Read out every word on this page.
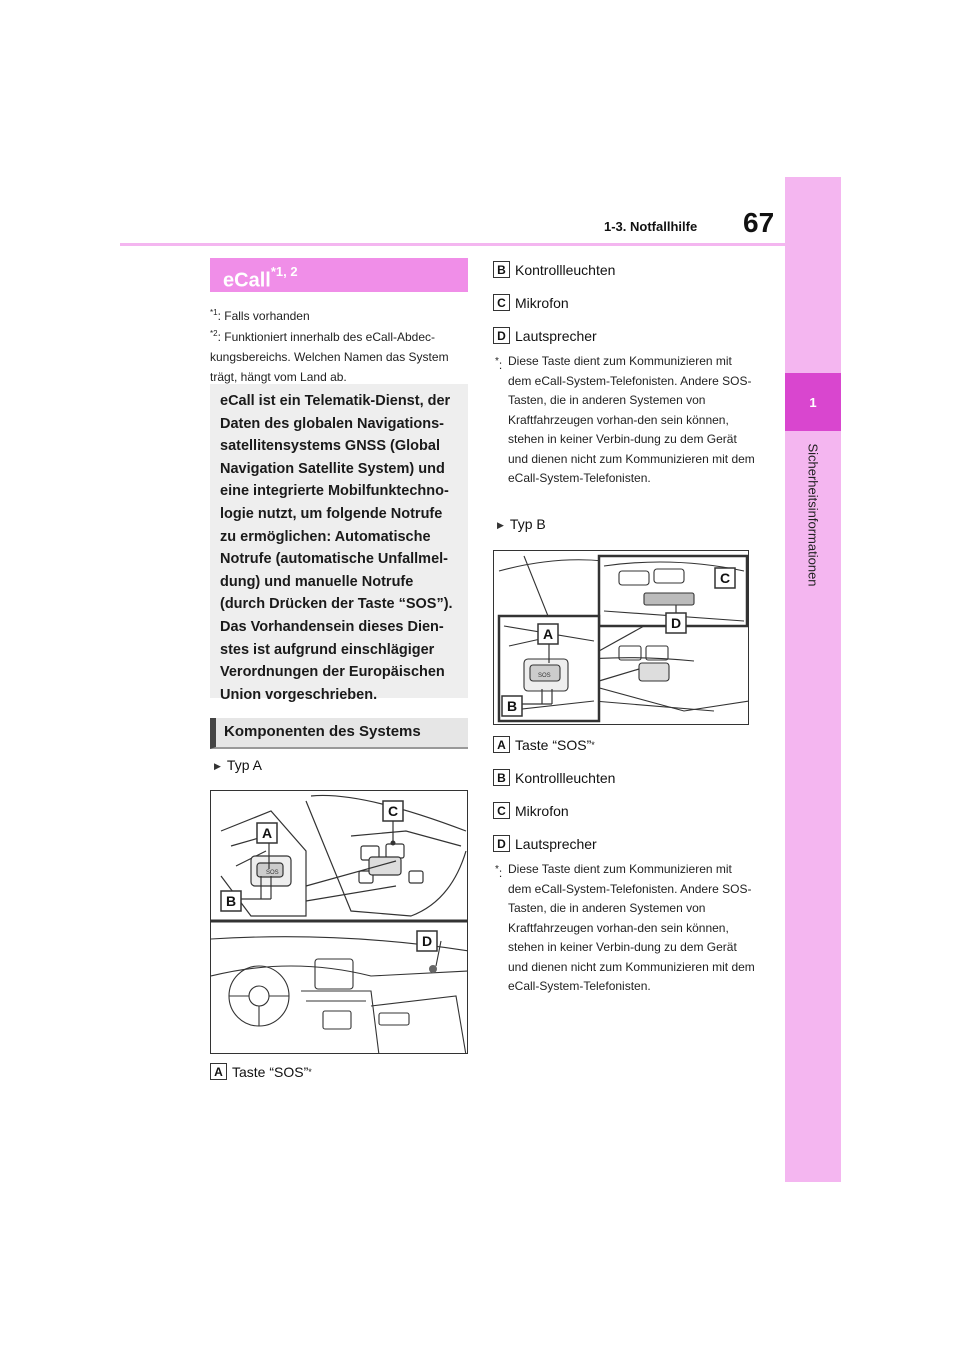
1
Sicherheitsinformationen
67
1-3. Notfallhilfe
eCall$^{*1, 2}$
$^{*1}$: Falls vorhanden
$^{*2}$: Funktioniert innerhalb des eCall-Abdec-kungsbereichs. Welchen Namen das System trägt, hängt vom Land ab.
eCall ist ein Telematik-Dienst, der Daten des globalen Navigations-satellitensystems GNSS (Global Navigation Satellite System) und eine integrierte Mobilfunktechno-logie nutzt, um folgende Notrufe zu ermöglichen: Automatische Notrufe (automatische Unfallmel-dung) und manuelle Notrufe (durch Drücken der Taste “SOS”). Das Vorhandensein dieses Dien-stes ist aufgrund einschlägiger Verordnungen der Europäischen Union vorgeschrieben.
Komponenten des Systems
▶ Typ A
SOS
A
C
B
D
A Taste “SOS” *
B Kontrollleuchten
C Mikrofon
D Lautsprecher
*: Diese Taste dient zum Kommunizieren mit dem eCall-System-Telefonisten. Andere SOS-Tasten, die in anderen Systemen von Kraftfahrzeugen vorhan-den sein können, stehen in keiner Verbin-dung zu dem Gerät und dienen nicht zum Kommunizieren mit dem eCall-System-Telefonisten.
▶ Typ B
SOS
A
B
C
D
A Taste “SOS” *
B Kontrollleuchten
C Mikrofon
D Lautsprecher
*: Diese Taste dient zum Kommunizieren mit dem eCall-System-Telefonisten. Andere SOS-Tasten, die in anderen Systemen von Kraftfahrzeugen vorhan-den sein können, stehen in keiner Verbin-dung zu dem Gerät und dienen nicht zum Kommunizieren mit dem eCall-System-Telefonisten.
